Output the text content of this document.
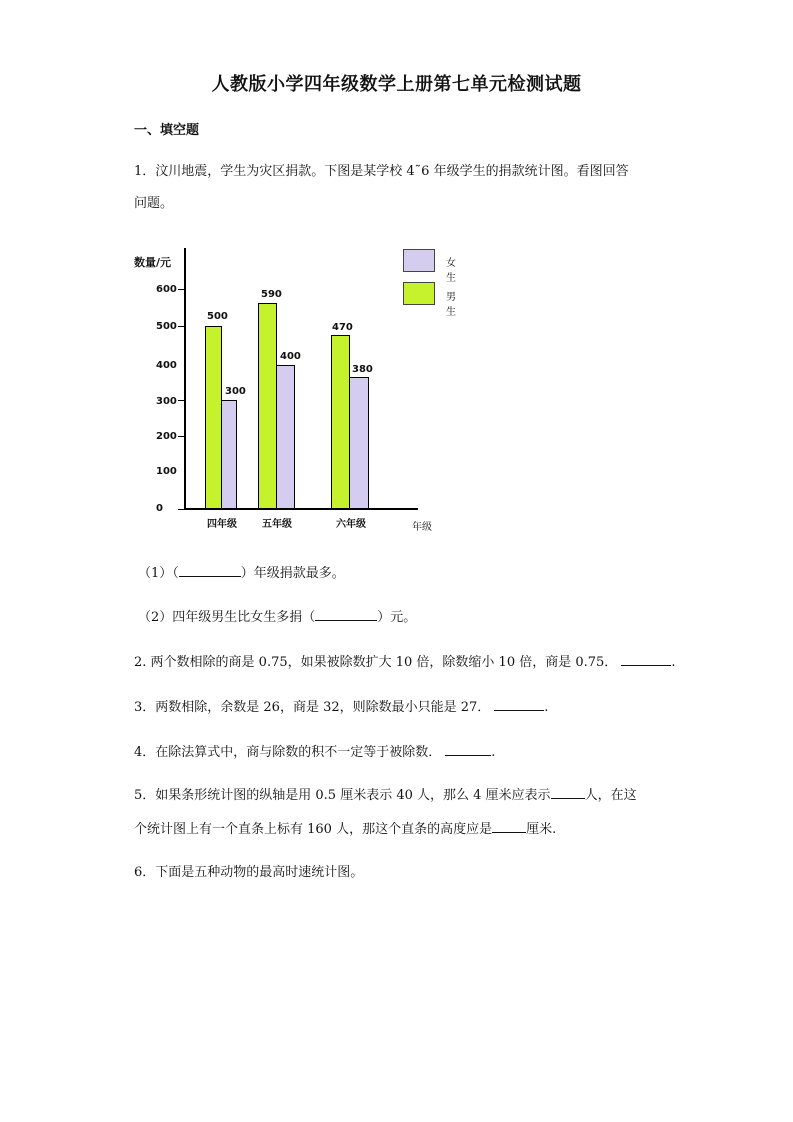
人教版小学四年级数学上册第七单元检测试题
一、填空题
1．汶川地震，学生为灾区捐款。下图是某学校 4˜6 年级学生的捐款统计图。看图回答
问题。
数量/元
0
100
200
300
400
500
600
500
300
590
400
470
380
四年级	五年级	六年级	年级
女生
男生
（1）（	）年级捐款最多。
（2）四年级男生比女生多捐（	）元。
2. 两个数相除的商是 0.75，如果被除数扩大 10 倍，除数缩小 10 倍，商是 0.75．	.
3．两数相除，余数是 26，商是 32，则除数最小只能是 27．	.
4．在除法算式中，商与除数的积不一定等于被除数．	.
5．如果条形统计图的纵轴是用 0.5 厘米表示 40 人，那么 4 厘米应表示	人，在这
个统计图上有一个直条上标有 160 人，那这个直条的高度应是	厘米.
6．下面是五种动物的最高时速统计图。
